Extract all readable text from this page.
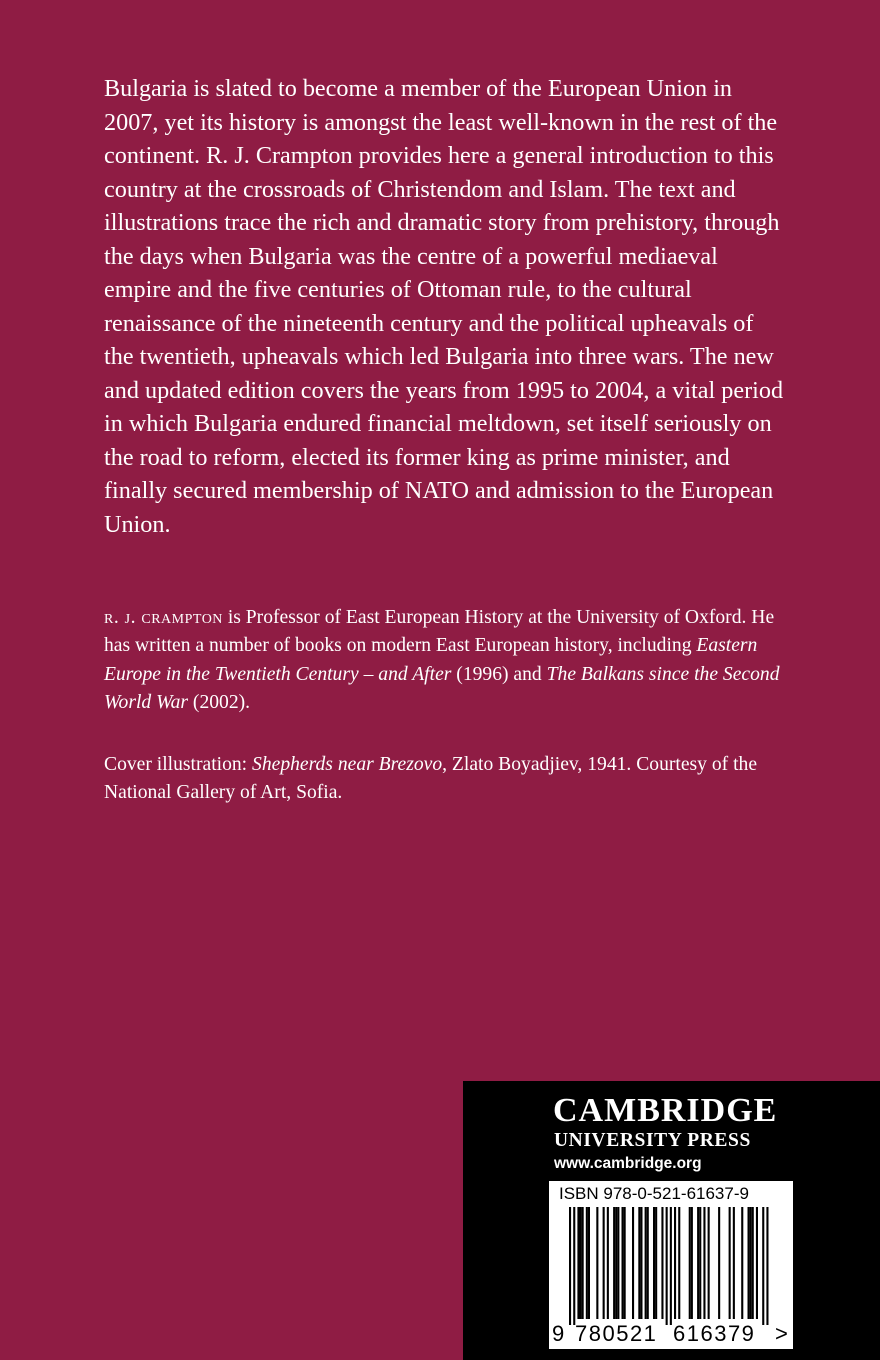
Bulgaria is slated to become a member of the European Union in 2007, yet its history is amongst the least well-known in the rest of the continent. R. J. Crampton provides here a general introduction to this country at the crossroads of Christendom and Islam. The text and illustrations trace the rich and dramatic story from prehistory, through the days when Bulgaria was the centre of a powerful mediaeval empire and the five centuries of Ottoman rule, to the cultural renaissance of the nineteenth century and the political upheavals of the twentieth, upheavals which led Bulgaria into three wars. The new and updated edition covers the years from 1995 to 2004, a vital period in which Bulgaria endured financial meltdown, set itself seriously on the road to reform, elected its former king as prime minister, and finally secured membership of NATO and admission to the European Union.

r. j. crampton is Professor of East European History at the University of Oxford. He has written a number of books on modern East European history, including Eastern Europe in the Twentieth Century – and After (1996) and The Balkans since the Second World War (2002).

Cover illustration: Shepherds near Brezovo, Zlato Boyadjiev, 1941. Courtesy of the National Gallery of Art, Sofia.

CAMBRIDGE
UNIVERSITY PRESS
www.cambridge.org
ISBN 978-0-521-61637-9
9 780521 616379 >
